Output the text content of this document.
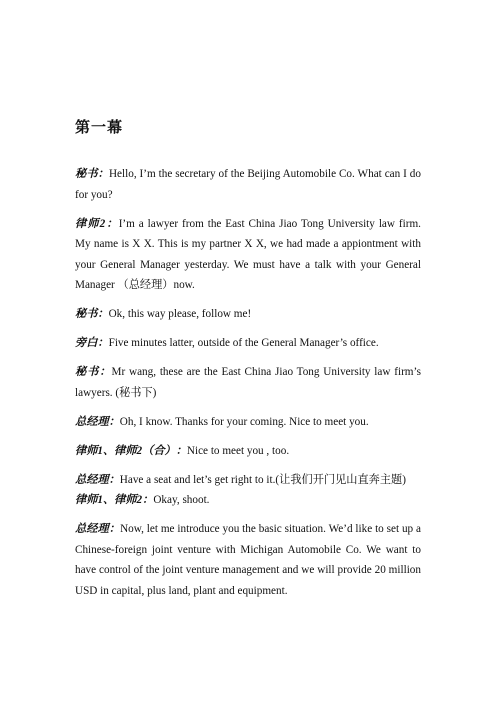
第一幕

秘书：Hello, I’m the secretary of the Beijing Automobile Co. What can I do for you?

律师2：I’m a lawyer from the East China Jiao Tong University law firm. My name is X X. This is my partner X X, we had made a appiontment with your General Manager yesterday. We must have a talk with your General Manager （总经理）now.

秘书：Ok, this way please, follow me!

旁白：Five minutes latter, outside of the General Manager’s office.

秘书：Mr wang, these are the East China Jiao Tong University law firm’s lawyers. (秘书下)

总经理：Oh, I know. Thanks for your coming. Nice to meet you.

律师1、律师2（合）：Nice to meet you , too.

总经理：Have a seat and let’s get right to it.(让我们开门见山直奔主题)
律师1、律师2：Okay, shoot.

总经理：Now, let me introduce you the basic situation. We’d like to set up a Chinese-foreign joint venture with Michigan Automobile Co. We want to have control of the joint venture management and we will provide 20 million USD in capital, plus land, plant and equipment.
